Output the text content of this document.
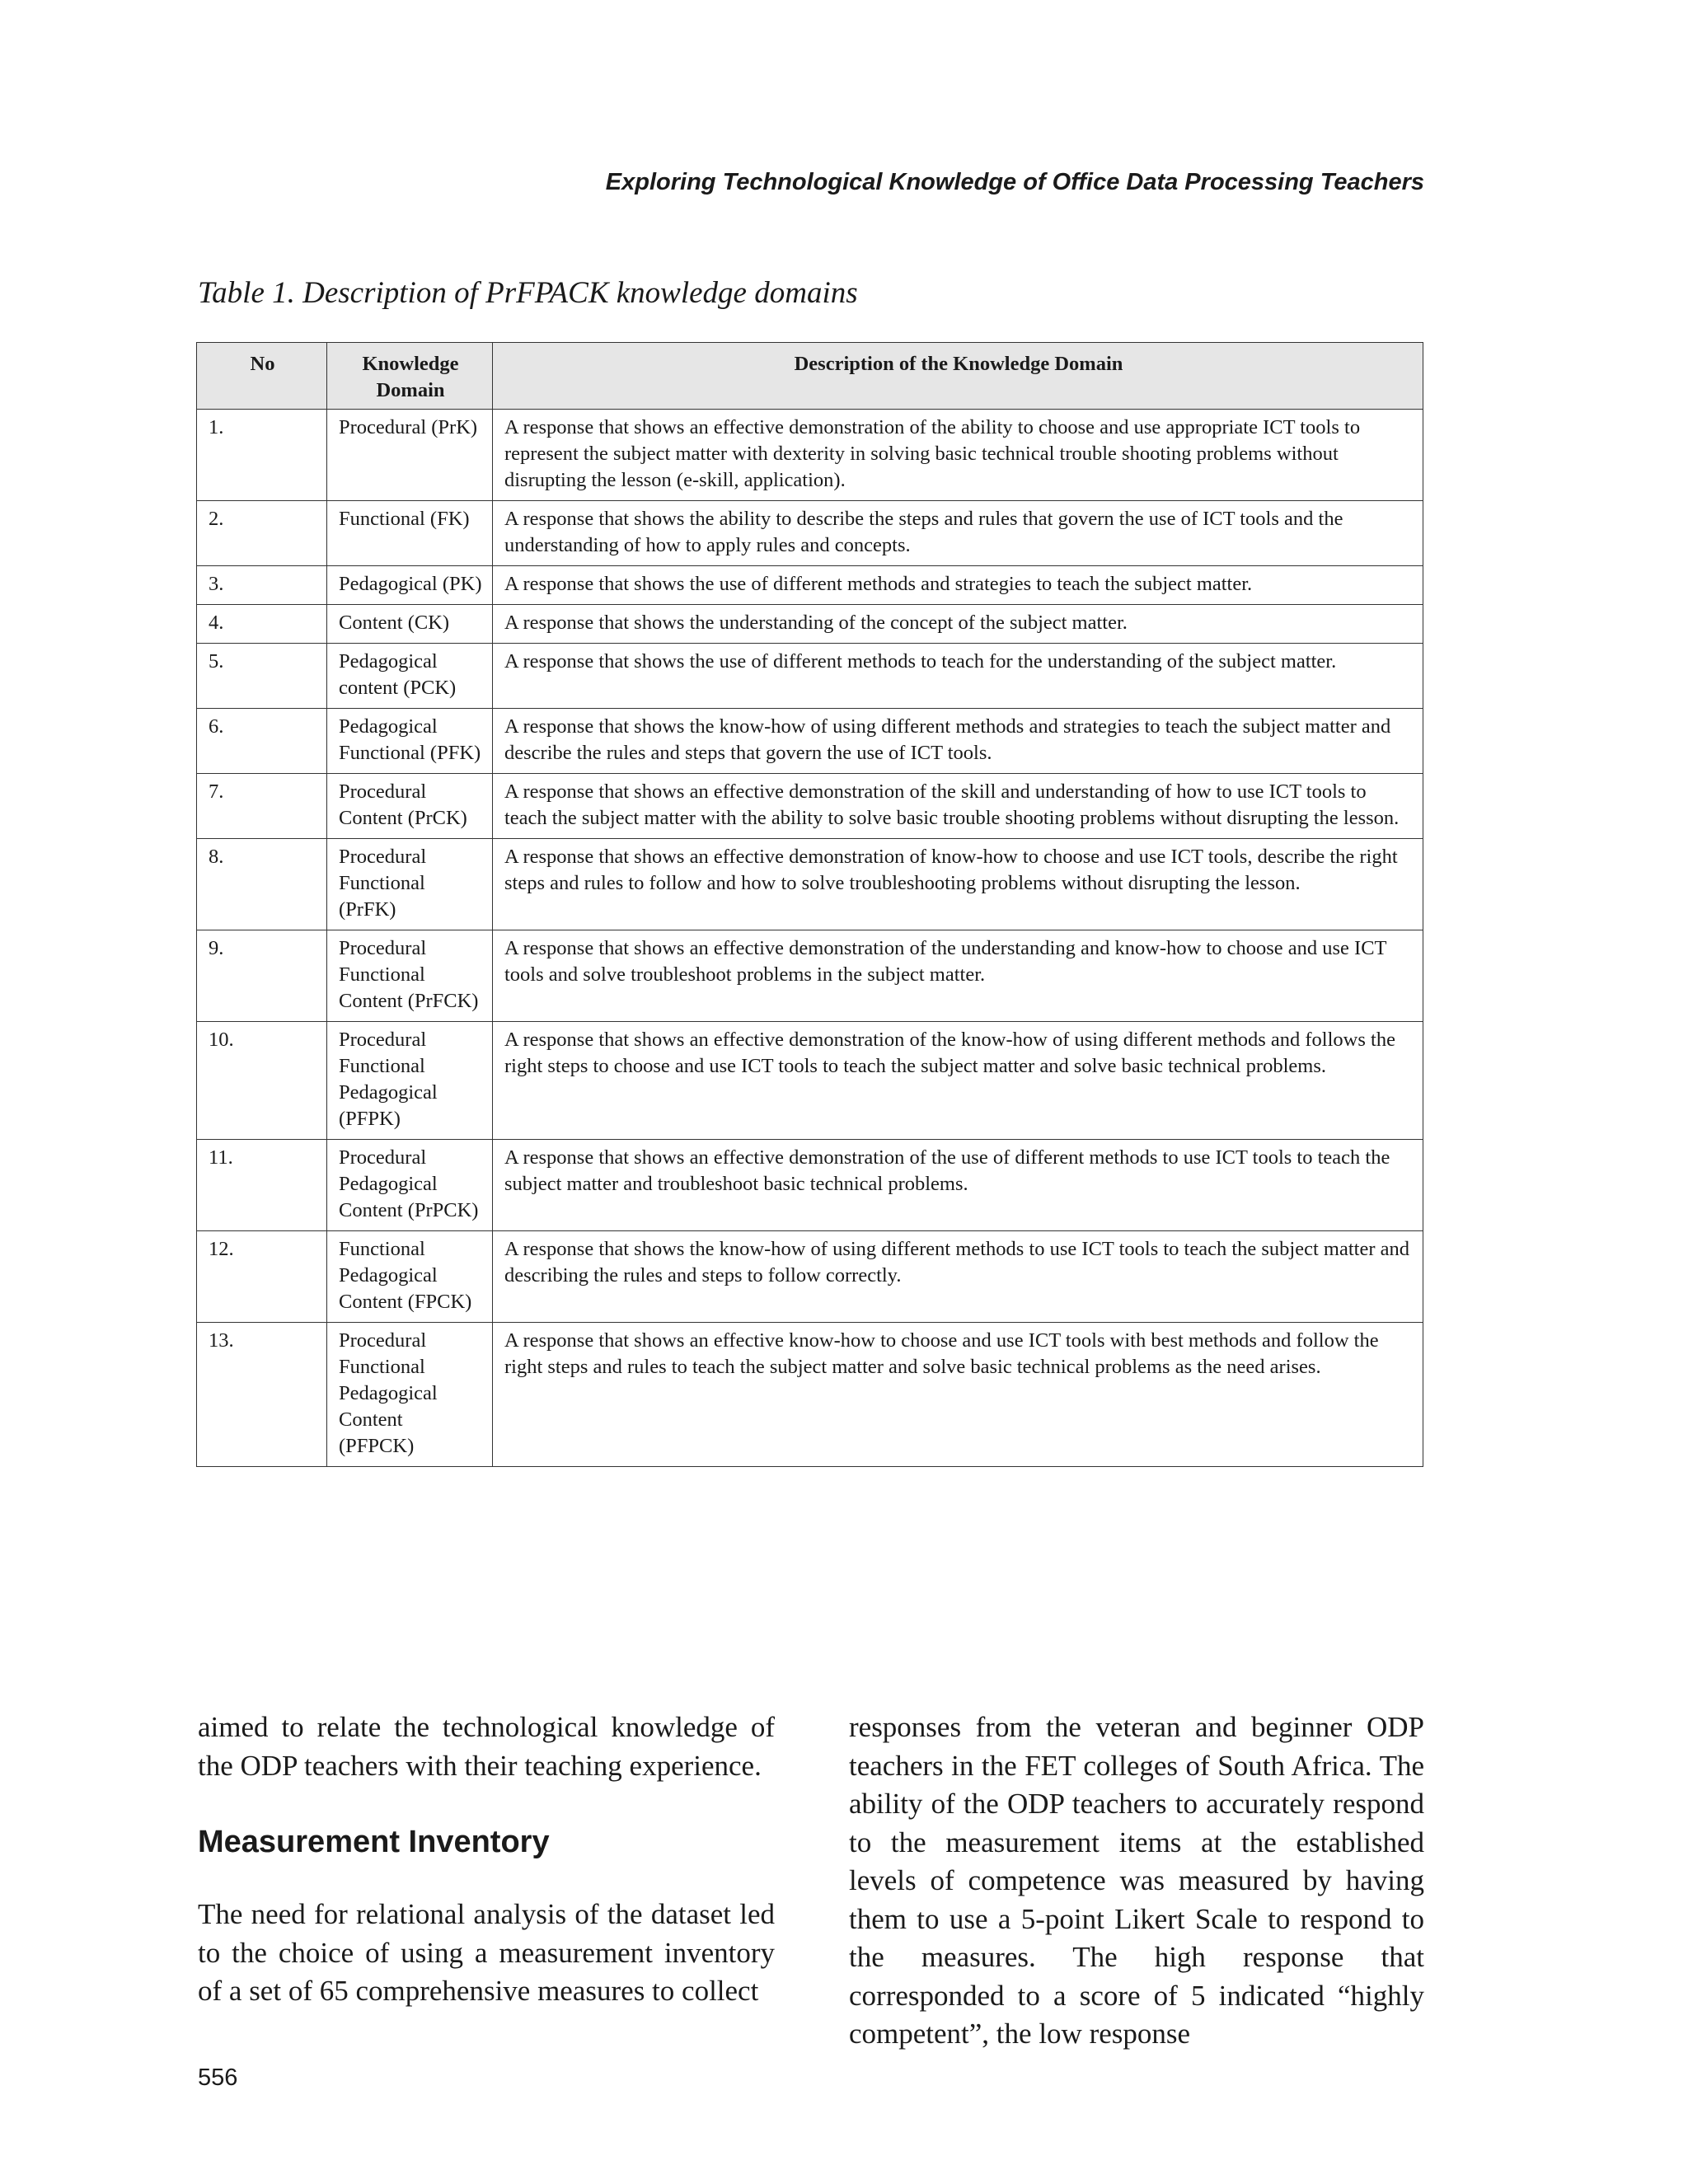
Exploring Technological Knowledge of Office Data Processing Teachers
Table 1. Description of PrFPACK knowledge domains
No	Knowledge Domain	Description of the Knowledge Domain
1.	Procedural (PrK)	A response that shows an effective demonstration of the ability to choose and use appropriate ICT tools to represent the subject matter with dexterity in solving basic technical trouble shooting problems without disrupting the lesson (e-skill, application).
2.	Functional (FK)	A response that shows the ability to describe the steps and rules that govern the use of ICT tools and the understanding of how to apply rules and concepts.
3.	Pedagogical (PK)	A response that shows the use of different methods and strategies to teach the subject matter.
4.	Content (CK)	A response that shows the understanding of the concept of the subject matter.
5.	Pedagogical content (PCK)	A response that shows the use of different methods to teach for the understanding of the subject matter.
6.	Pedagogical Functional (PFK)	A response that shows the know-how of using different methods and strategies to teach the subject matter and describe the rules and steps that govern the use of ICT tools.
7.	Procedural Content (PrCK)	A response that shows an effective demonstration of the skill and understanding of how to use ICT tools to teach the subject matter with the ability to solve basic trouble shooting problems without disrupting the lesson.
8.	Procedural Functional (PrFK)	A response that shows an effective demonstration of know-how to choose and use ICT tools, describe the right steps and rules to follow and how to solve troubleshooting problems without disrupting the lesson.
9.	Procedural Functional Content (PrFCK)	A response that shows an effective demonstration of the understanding and know-how to choose and use ICT tools and solve troubleshoot problems in the subject matter.
10.	Procedural Functional Pedagogical (PFPK)	A response that shows an effective demonstration of the know-how of using different methods and follows the right steps to choose and use ICT tools to teach the subject matter and solve basic technical problems.
11.	Procedural Pedagogical Content (PrPCK)	A response that shows an effective demonstration of the use of different methods to use ICT tools to teach the subject matter and troubleshoot basic technical problems.
12.	Functional Pedagogical Content (FPCK)	A response that shows the know-how of using different methods to use ICT tools to teach the subject matter and describing the rules and steps to follow correctly.
13.	Procedural Functional Pedagogical Content (PFPCK)	A response that shows an effective know-how to choose and use ICT tools with best methods and follow the right steps and rules to teach the subject matter and solve basic technical problems as the need arises.

aimed to relate the technological knowledge of the ODP teachers with their teaching experience.

Measurement Inventory

The need for relational analysis of the dataset led to the choice of using a measurement inventory of a set of 65 comprehensive measures to collect

responses from the veteran and beginner ODP teachers in the FET colleges of South Africa. The ability of the ODP teachers to accurately respond to the measurement items at the established levels of competence was measured by having them to use a 5-point Likert Scale to respond to the measures. The high response that corresponded to a score of 5 indicated “highly competent”, the low response

556
